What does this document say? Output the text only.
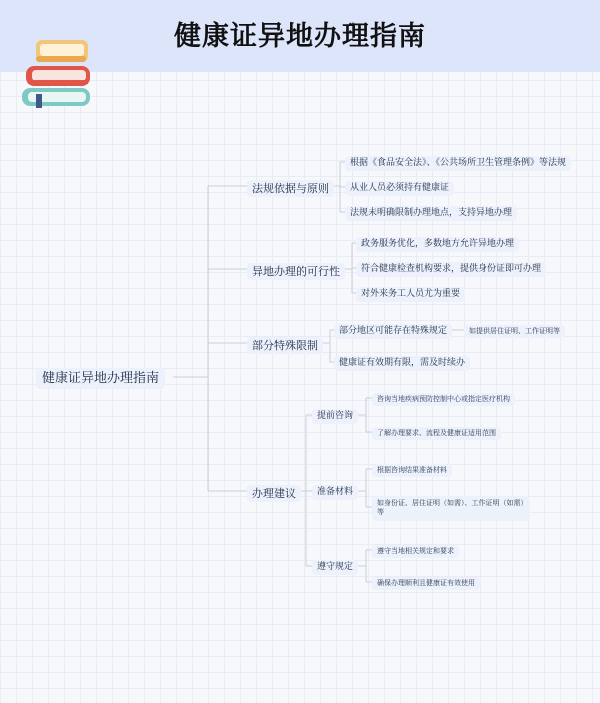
健康证异地办理指南
健康证异地办理指南
法规依据与原则
异地办理的可行性
部分特殊限制
办理建议
根据《食品安全法》、《公共场所卫生管理条例》等法规
从业人员必须持有健康证
法规未明确限制办理地点，支持异地办理
政务服务优化，多数地方允许异地办理
符合健康检查机构要求，提供身份证即可办理
对外来务工人员尤为重要
部分地区可能存在特殊规定	如提供居住证明、工作证明等
健康证有效期有限，需及时续办
提前咨询
准备材料
遵守规定
咨询当地疾病预防控制中心或指定医疗机构
了解办理要求、流程及健康证适用范围
根据咨询结果准备材料
如身份证、居住证明（如需）、工作证明（如需）等
遵守当地相关规定和要求
确保办理顺利且健康证有效使用
